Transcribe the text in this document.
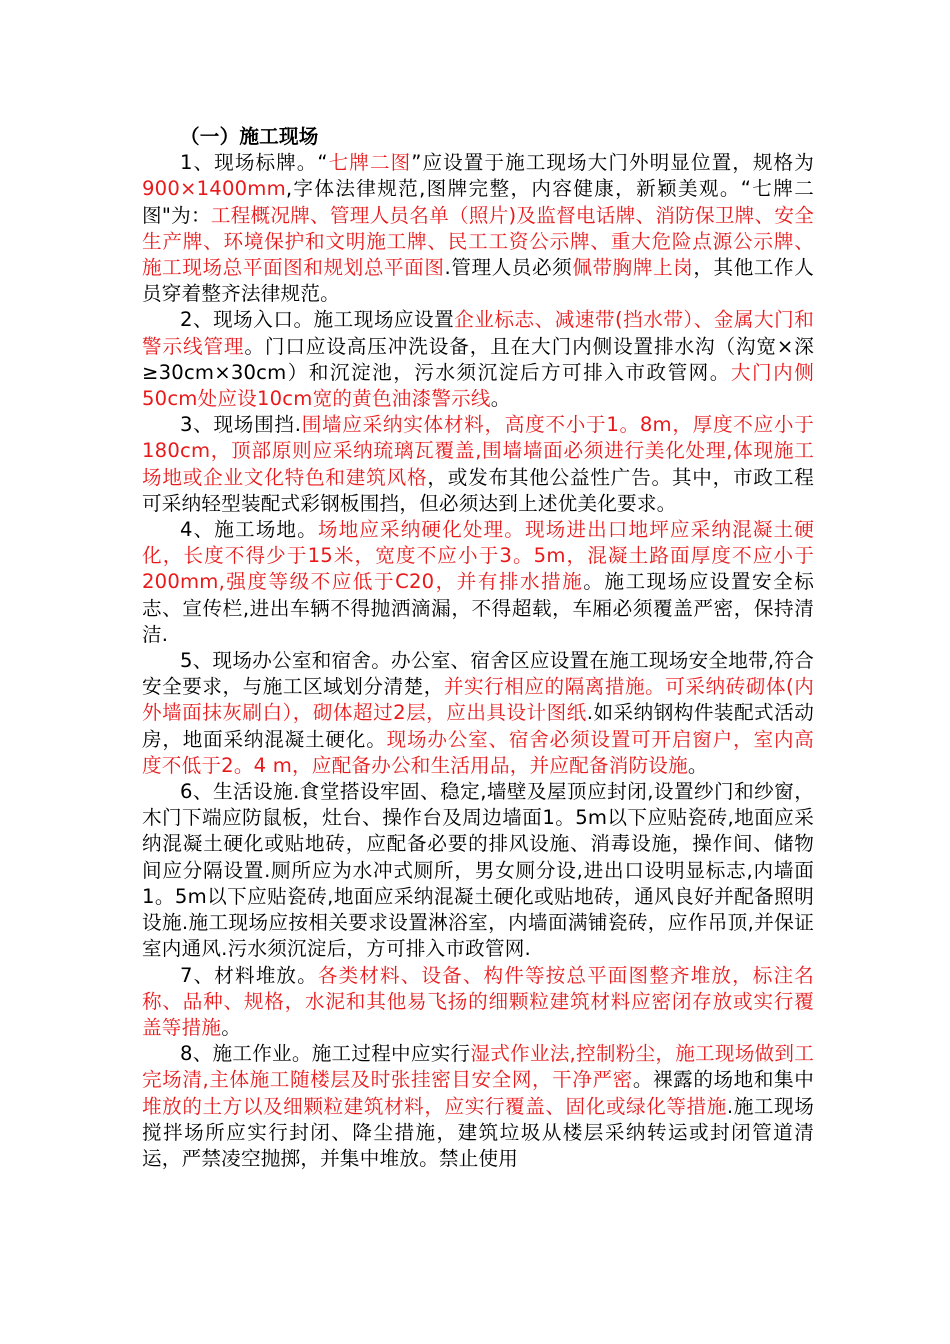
（一）施工现场

1、现场标牌。“七牌二图”应设置于施工现场大门外明显位置，规格为900×1400mm,字体法律规范,图牌完整，内容健康，新颖美观。“七牌二图"为：工程概况牌、管理人员名单（照片)及监督电话牌、消防保卫牌、安全生产牌、环境保护和文明施工牌、民工工资公示牌、重大危险点源公示牌、施工现场总平面图和规划总平面图.管理人员必须佩带胸牌上岗，其他工作人员穿着整齐法律规范。

2、现场入口。施工现场应设置企业标志、减速带(挡水带）、金属大门和警示线管理。门口应设高压冲洗设备，且在大门内侧设置排水沟（沟宽×深≥30cm×30cm）和沉淀池，污水须沉淀后方可排入市政管网。大门内侧50cm处应设10cm宽的黄色油漆警示线。

3、现场围挡.围墙应采纳实体材料，高度不小于1。8m，厚度不应小于180cm，顶部原则应采纳琉璃瓦覆盖,围墙墙面必须进行美化处理,体现施工场地或企业文化特色和建筑风格，或发布其他公益性广告。其中，市政工程可采纳轻型装配式彩钢板围挡，但必须达到上述优美化要求。

4、施工场地。场地应采纳硬化处理。现场进出口地坪应采纳混凝土硬化，长度不得少于15米，宽度不应小于3。5m，混凝土路面厚度不应小于200mm,强度等级不应低于C20，并有排水措施。施工现场应设置安全标志、宣传栏,进出车辆不得抛洒滴漏，不得超载，车厢必须覆盖严密，保持清洁.

5、现场办公室和宿舍。办公室、宿舍区应设置在施工现场安全地带,符合安全要求，与施工区域划分清楚，并实行相应的隔离措施。可采纳砖砌体(内外墙面抹灰刷白），砌体超过2层，应出具设计图纸.如采纳钢构件装配式活动房，地面采纳混凝土硬化。现场办公室、宿舍必须设置可开启窗户，室内高度不低于2。4 m，应配备办公和生活用品，并应配备消防设施。

6、生活设施.食堂搭设牢固、稳定,墙壁及屋顶应封闭,设置纱门和纱窗，木门下端应防鼠板，灶台、操作台及周边墙面1。5m以下应贴瓷砖,地面应采纳混凝土硬化或贴地砖，应配备必要的排风设施、消毒设施，操作间、储物间应分隔设置.厕所应为水冲式厕所，男女厕分设,进出口设明显标志,内墙面1。5m以下应贴瓷砖,地面应采纳混凝土硬化或贴地砖，通风良好并配备照明设施.施工现场应按相关要求设置淋浴室，内墙面满铺瓷砖，应作吊顶,并保证室内通风.污水须沉淀后，方可排入市政管网.

7、材料堆放。各类材料、设备、构件等按总平面图整齐堆放，标注名称、品种、规格，水泥和其他易飞扬的细颗粒建筑材料应密闭存放或实行覆盖等措施。

8、施工作业。施工过程中应实行湿式作业法,控制粉尘，施工现场做到工完场清,主体施工随楼层及时张挂密目安全网，干净严密。裸露的场地和集中堆放的土方以及细颗粒建筑材料，应实行覆盖、固化或绿化等措施.施工现场搅拌场所应实行封闭、降尘措施，建筑垃圾从楼层采纳转运或封闭管道清运，严禁凌空抛掷，并集中堆放。禁止使用
